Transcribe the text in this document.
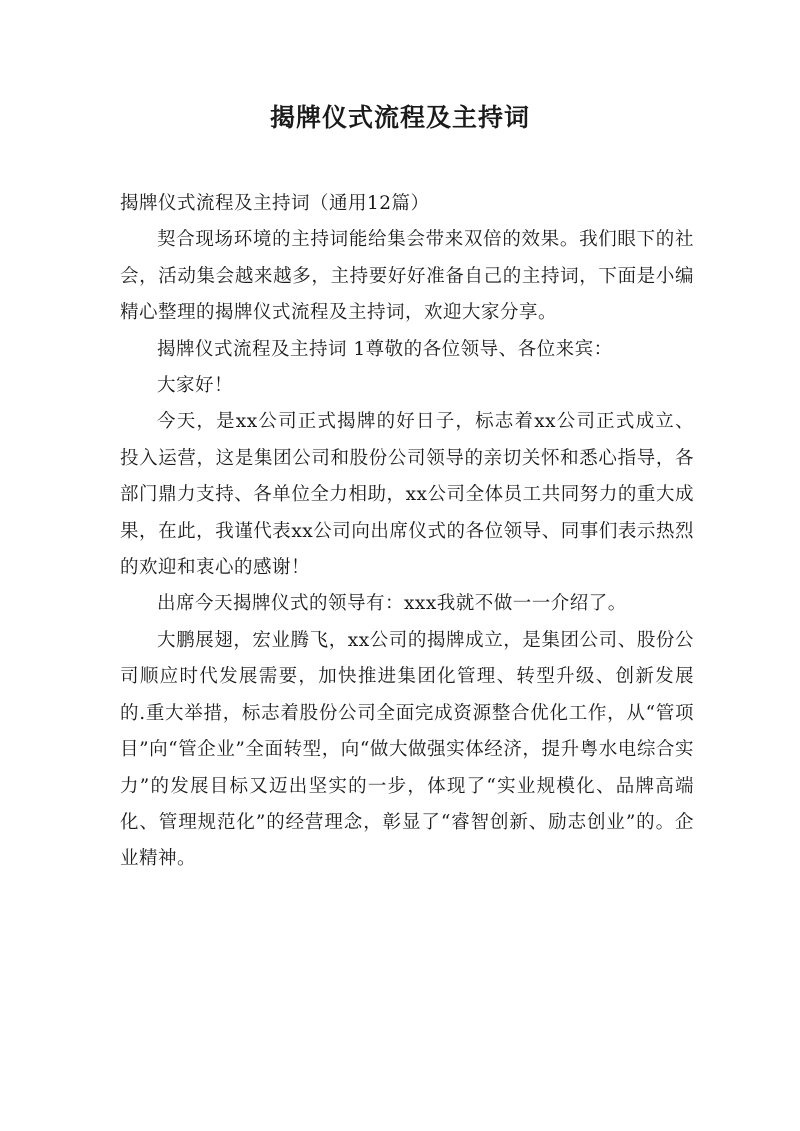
揭牌仪式流程及主持词

揭牌仪式流程及主持词（通用12篇）

契合现场环境的主持词能给集会带来双倍的效果。我们眼下的社会，活动集会越来越多，主持要好好准备自己的主持词，下面是小编精心整理的揭牌仪式流程及主持词，欢迎大家分享。

揭牌仪式流程及主持词 1尊敬的各位领导、各位来宾：

大家好！

今天，是xx公司正式揭牌的好日子，标志着xx公司正式成立、投入运营，这是集团公司和股份公司领导的亲切关怀和悉心指导，各部门鼎力支持、各单位全力相助，xx公司全体员工共同努力的重大成果，在此，我谨代表xx公司向出席仪式的各位领导、同事们表示热烈的欢迎和衷心的感谢！

出席今天揭牌仪式的领导有：xxx我就不做一一介绍了。

大鹏展翅，宏业腾飞，xx公司的揭牌成立，是集团公司、股份公司顺应时代发展需要，加快推进集团化管理、转型升级、创新发展的.重大举措，标志着股份公司全面完成资源整合优化工作，从“管项目”向“管企业”全面转型，向“做大做强实体经济，提升粤水电综合实力”的发展目标又迈出坚实的一步，体现了“实业规模化、品牌高端化、管理规范化”的经营理念，彰显了“睿智创新、励志创业”的。企业精神。
